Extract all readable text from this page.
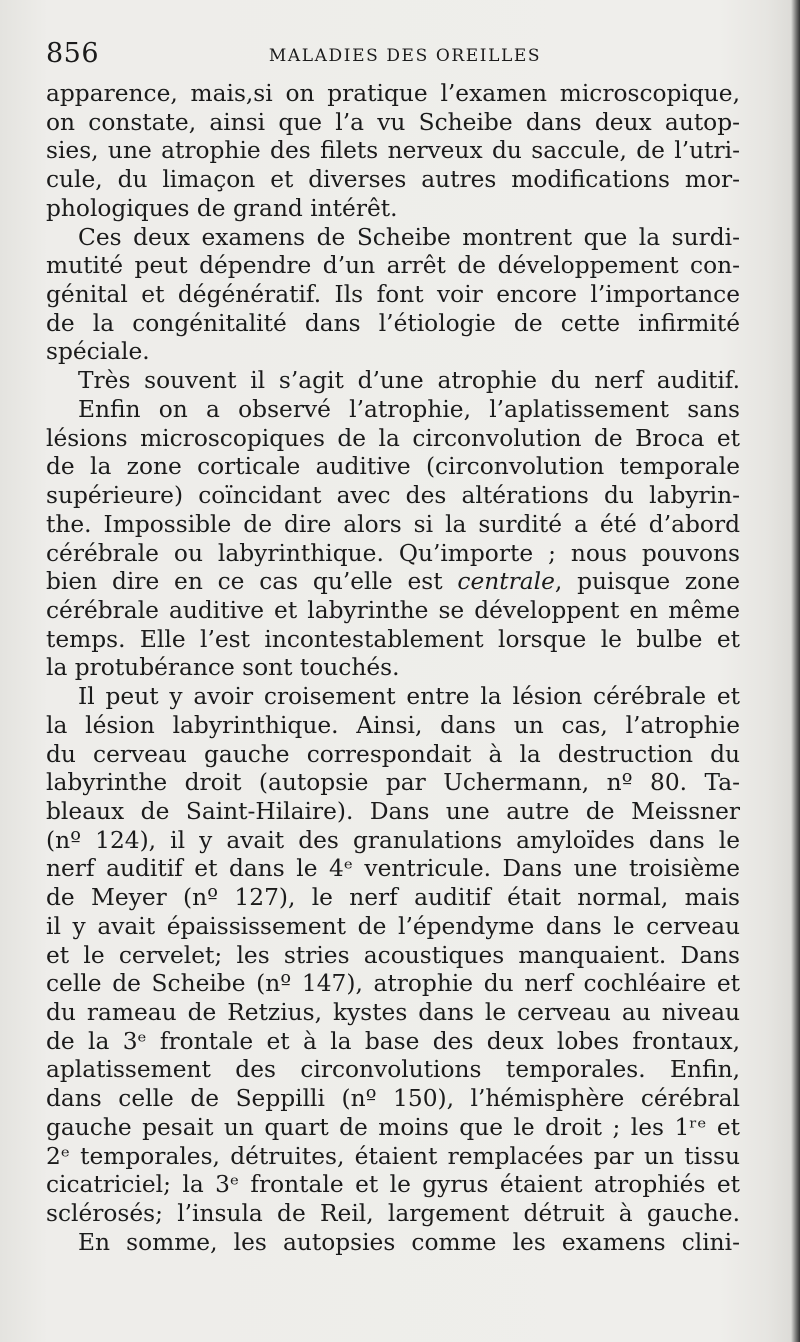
856	MALADIES DES OREILLES
apparence, mais,si on pratique l’examen microscopique,
on constate, ainsi que l’a vu Scheibe dans deux autop-
sies, une atrophie des filets nerveux du saccule, de l’utri-
cule, du limaçon et diverses autres modifications mor-
phologiques de grand intérêt.
Ces deux examens de Scheibe montrent que la surdi-
mutité peut dépendre d’un arrêt de développement con-
génital et dégénératif. Ils font voir encore l’importance
de la congénitalité dans l’étiologie de cette infirmité
spéciale.
Très souvent il s’agit d’une atrophie du nerf auditif.
Enfin on a observé l’atrophie, l’aplatissement sans
lésions microscopiques de la circonvolution de Broca et
de la zone corticale auditive (circonvolution temporale
supérieure) coïncidant avec des altérations du labyrin-
the. Impossible de dire alors si la surdité a été d’abord
cérébrale ou labyrinthique. Qu’importe ; nous pouvons
bien dire en ce cas qu’elle est centrale, puisque zone
cérébrale auditive et labyrinthe se développent en même
temps. Elle l’est incontestablement lorsque le bulbe et
la protubérance sont touchés.
Il peut y avoir croisement entre la lésion cérébrale et
la lésion labyrinthique. Ainsi, dans un cas, l’atrophie
du cerveau gauche correspondait à la destruction du
labyrinthe droit (autopsie par Uchermann, nº 80. Ta-
bleaux de Saint-Hilaire). Dans une autre de Meissner
(nº 124), il y avait des granulations amyloïdes dans le
nerf auditif et dans le 4ᵉ ventricule. Dans une troisième
de Meyer (nº 127), le nerf auditif était normal, mais
il y avait épaississement de l’épendyme dans le cerveau
et le cervelet; les stries acoustiques manquaient. Dans
celle de Scheibe (nº 147), atrophie du nerf cochléaire et
du rameau de Retzius, kystes dans le cerveau au niveau
de la 3ᵉ frontale et à la base des deux lobes frontaux,
aplatissement des circonvolutions temporales. Enfin,
dans celle de Seppilli (nº 150), l’hémisphère cérébral
gauche pesait un quart de moins que le droit ; les 1ʳᵉ et
2ᵉ temporales, détruites, étaient remplacées par un tissu
cicatriciel; la 3ᵉ frontale et le gyrus étaient atrophiés et
sclérosés; l’insula de Reil, largement détruit à gauche.
En somme, les autopsies comme les examens clini-
